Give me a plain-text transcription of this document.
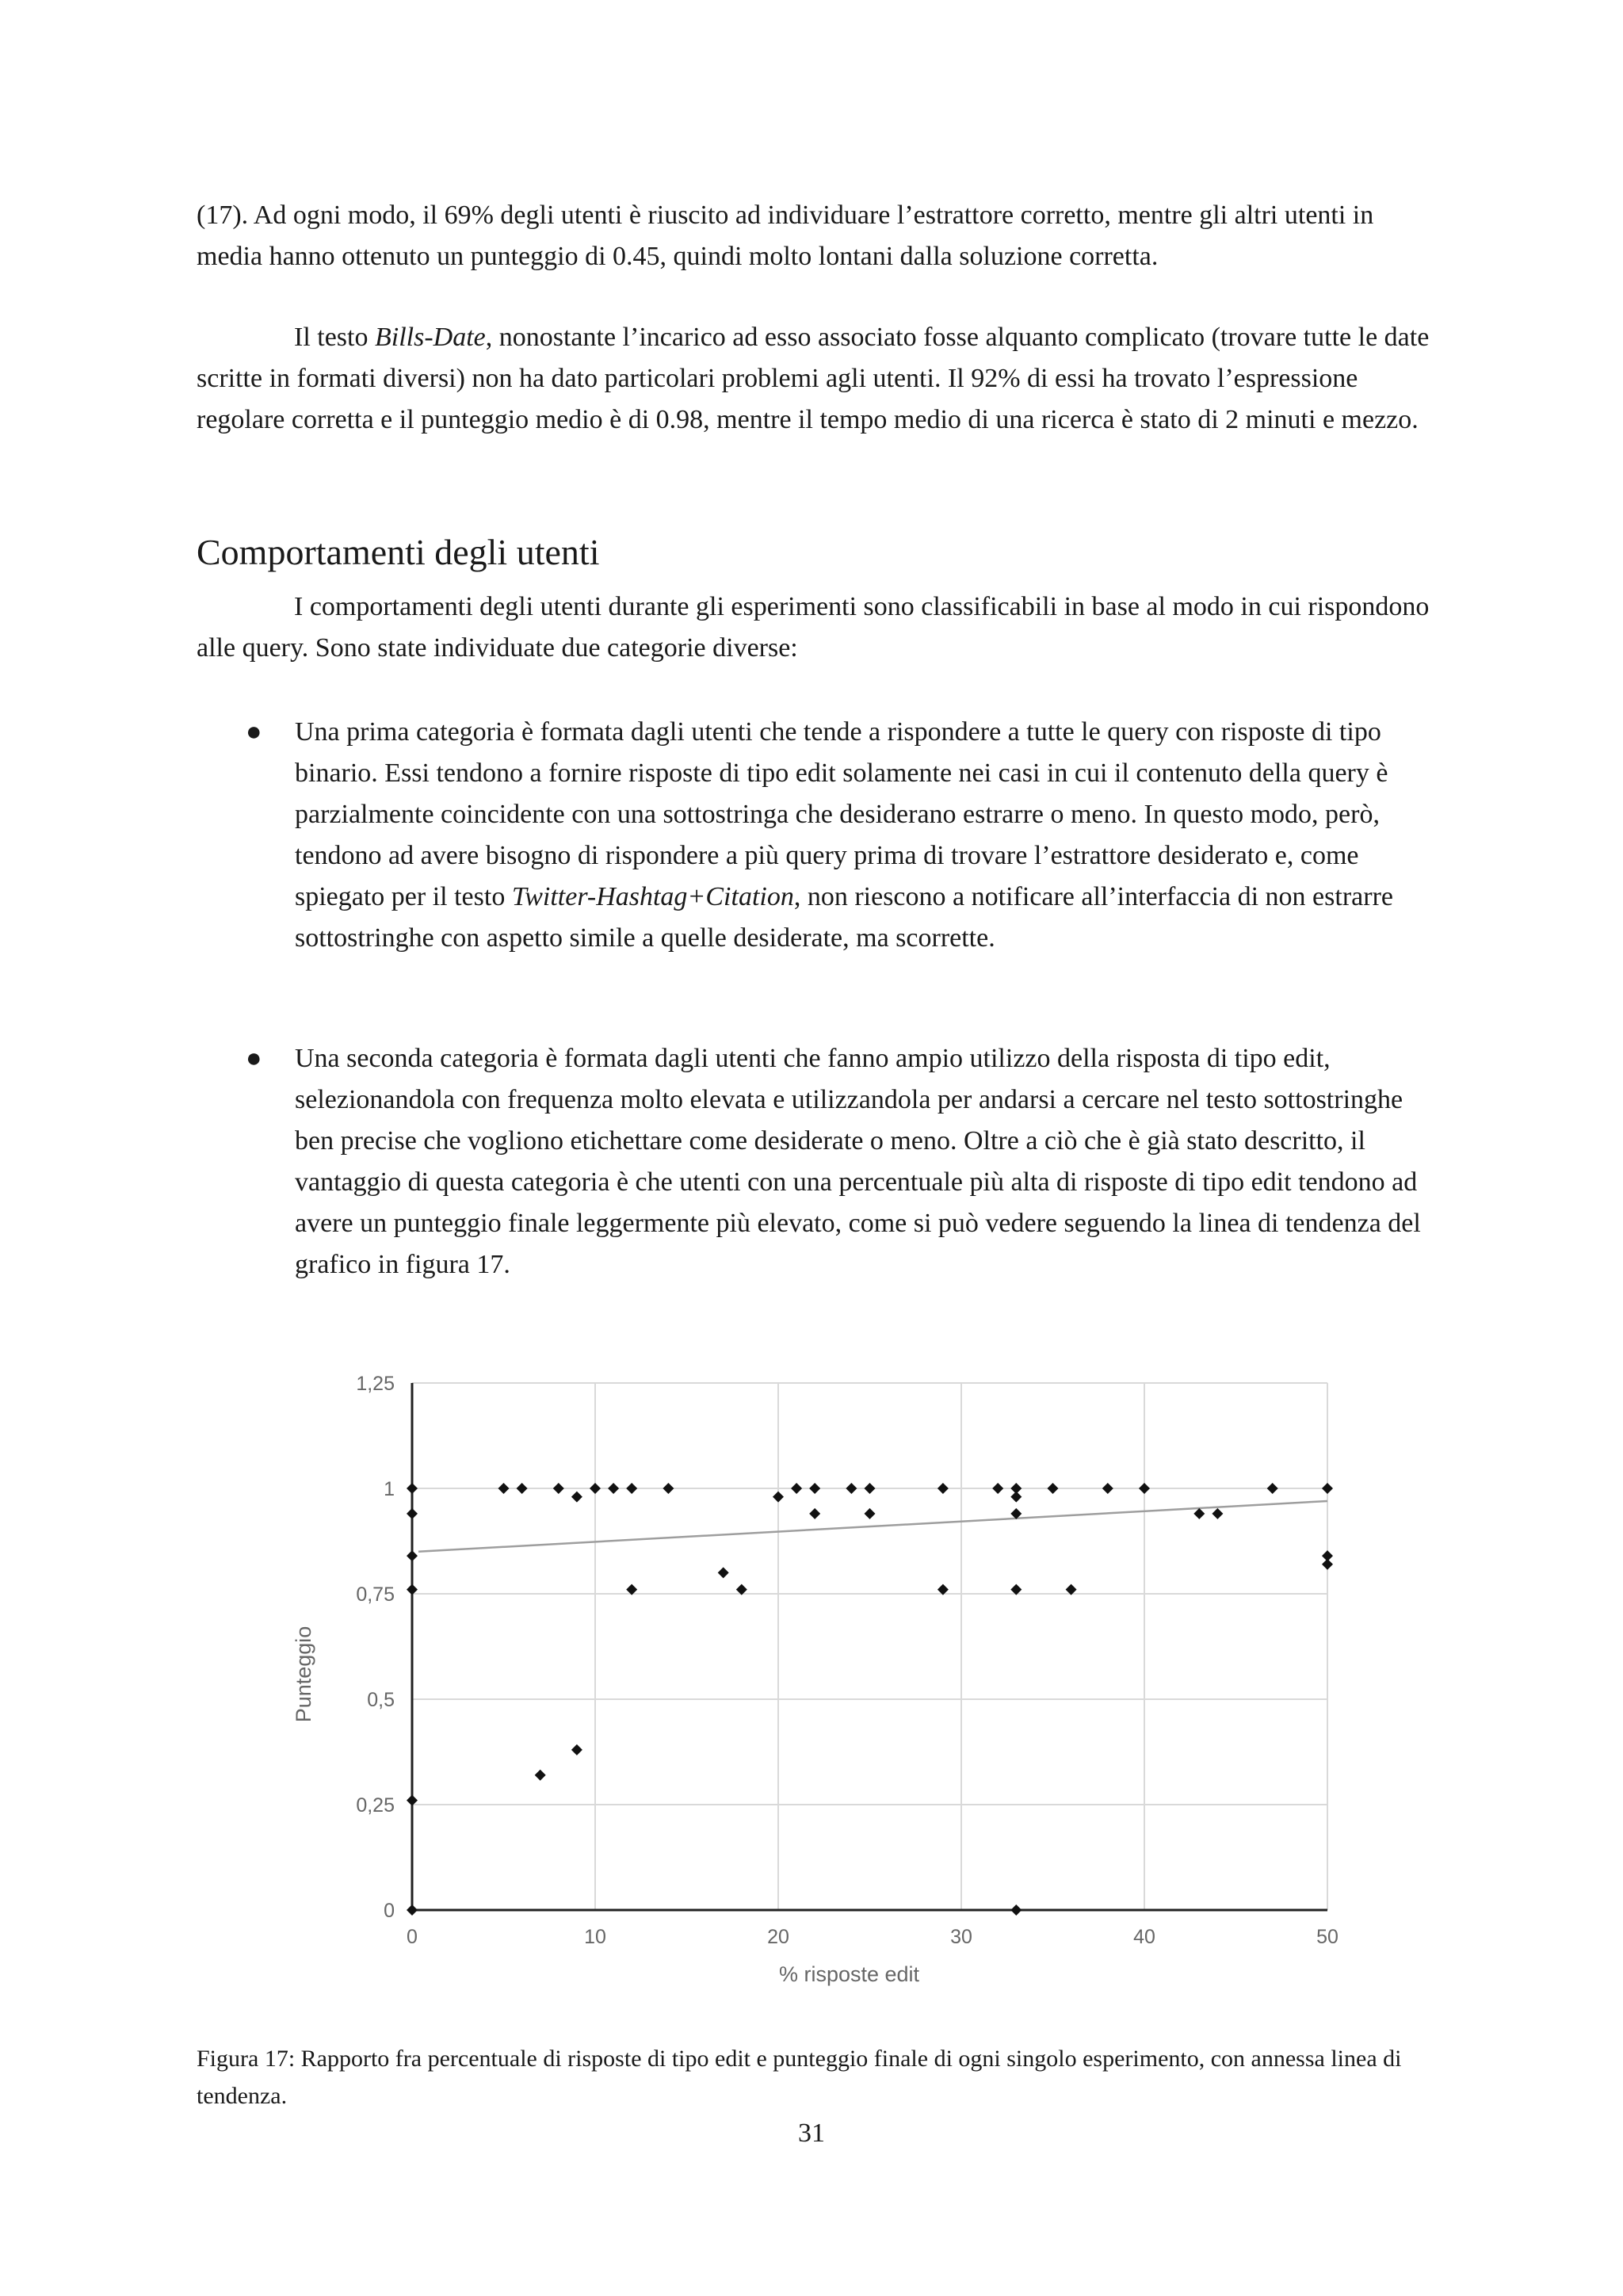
(17). Ad ogni modo, il 69% degli utenti è riuscito ad individuare l’estrattore corretto, mentre gli altri utenti in media hanno ottenuto un punteggio di 0.45, quindi molto lontani dalla soluzione corretta.

Il testo Bills-Date, nonostante l’incarico ad esso associato fosse alquanto complicato (trovare tutte le date scritte in formati diversi) non ha dato particolari problemi agli utenti. Il 92% di essi ha trovato l’espressione regolare corretta e il punteggio medio è di 0.98, mentre il tempo medio di una ricerca è stato di 2 minuti e mezzo.

Comportamenti degli utenti

I comportamenti degli utenti durante gli esperimenti sono classificabili in base al modo in cui rispondono alle query. Sono state individuate due categorie diverse:

● Una prima categoria è formata dagli utenti che tende a rispondere a tutte le query con risposte di tipo binario. Essi tendono a fornire risposte di tipo edit solamente nei casi in cui il contenuto della query è parzialmente coincidente con una sottostringa che desiderano estrarre o meno. In questo modo, però, tendono ad avere bisogno di rispondere a più query prima di trovare l’estrattore desiderato e, come spiegato per il testo Twitter-Hashtag+Citation, non riescono a notificare all’interfaccia di non estrarre sottostringhe con aspetto simile a quelle desiderate, ma scorrette.
● Una seconda categoria è formata dagli utenti che fanno ampio utilizzo della risposta di tipo edit, selezionandola con frequenza molto elevata e utilizzandola per andarsi a cercare nel testo sottostringhe ben precise che vogliono etichettare come desiderate o meno. Oltre a ciò che è già stato descritto, il vantaggio di questa categoria è che utenti con una percentuale più alta di risposte di tipo edit tendono ad avere un punteggio finale leggermente più elevato, come si può vedere seguendo la linea di tendenza del grafico in figura 17.
0
0,25
0,5
0,75
1
1,25
0	10	20	30	40	50
% risposte edit
Punteggio
Figura 17: Rapporto fra percentuale di risposte di tipo edit e punteggio finale di ogni singolo esperimento, con annessa linea di tendenza.
31
